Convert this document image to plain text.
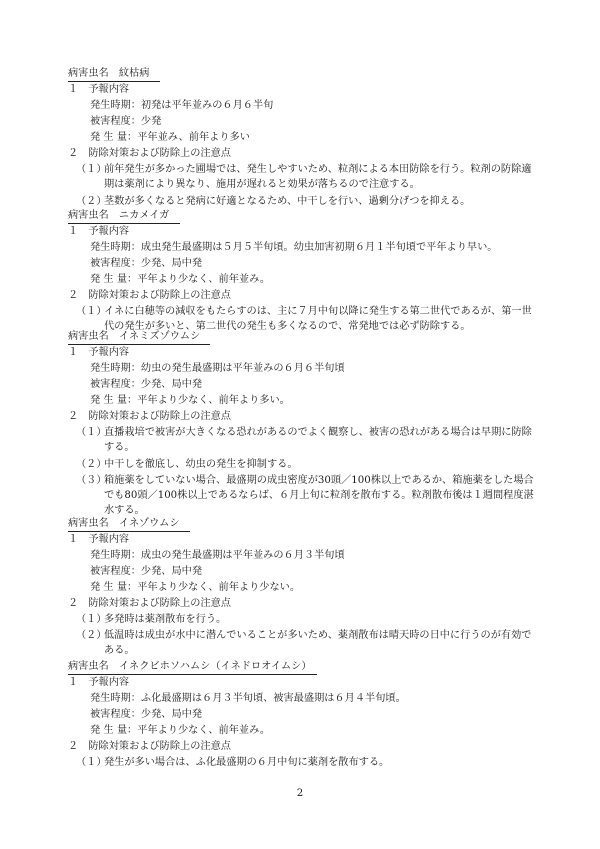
病害虫名　紋枯病　
１　予報内容
発生時期：初発は平年並みの６月６半旬
被害程度：少発
発 生 量：平年並み、前年より多い
２　防除対策および防除上の注意点
（１）
前年発生が多かった圃場では、発生しやすいため、粒剤による本田防除を行う。粒剤の防除適期は薬剤により異なり、施用が遅れると効果が落ちるので注意する。
（２）
茎数が多くなると発病に好適となるため、中干しを行い、過剰分げつを抑える。
病害虫名　ニカメイガ　
１　予報内容
発生時期：成虫発生最盛期は５月５半旬頃。幼虫加害初期６月１半旬頃で平年より早い。
被害程度：少発、局中発
発 生 量：平年より少なく、前年並み。
２　防除対策および防除上の注意点
（１）
イネに白穂等の減収をもたらすのは、主に７月中旬以降に発生する第二世代であるが、第一世代の発生が多いと、第二世代の発生も多くなるので、常発地では必ず防除する。
病害虫名　イネミズゾウムシ　
１　予報内容
発生時期：幼虫の発生最盛期は平年並みの６月６半旬頃
被害程度：少発、局中発
発 生 量：平年より少なく、前年より多い。
２　防除対策および防除上の注意点
（１）
直播栽培で被害が大きくなる恐れがあるのでよく観察し、被害の恐れがある場合は早期に防除する。
（２）
中干しを徹底し、幼虫の発生を抑制する。
（３）
箱施薬をしていない場合、最盛期の成虫密度が30頭／100株以上であるか、箱施薬をした場合でも80頭／100株以上であるならば、６月上旬に粒剤を散布する。粒剤散布後は１週間程度湛水する。
病害虫名　イネゾウムシ　
１　予報内容
発生時期：成虫の発生最盛期は平年並みの６月３半旬頃
被害程度：少発、局中発
発 生 量：平年より少なく、前年より少ない。
２　防除対策および防除上の注意点
（１）
多発時は薬剤散布を行う。
（２）
低温時は成虫が水中に潜んでいることが多いため、薬剤散布は晴天時の日中に行うのが有効である。
病害虫名　イネクビホソハムシ（イネドロオイムシ）　
１　予報内容
発生時期：ふ化最盛期は６月３半旬頃、被害最盛期は６月４半旬頃。
被害程度：少発、局中発
発 生 量：平年より少なく、前年並み。
２　防除対策および防除上の注意点
（１）
発生が多い場合は、ふ化最盛期の６月中旬に薬剤を散布する。
2
